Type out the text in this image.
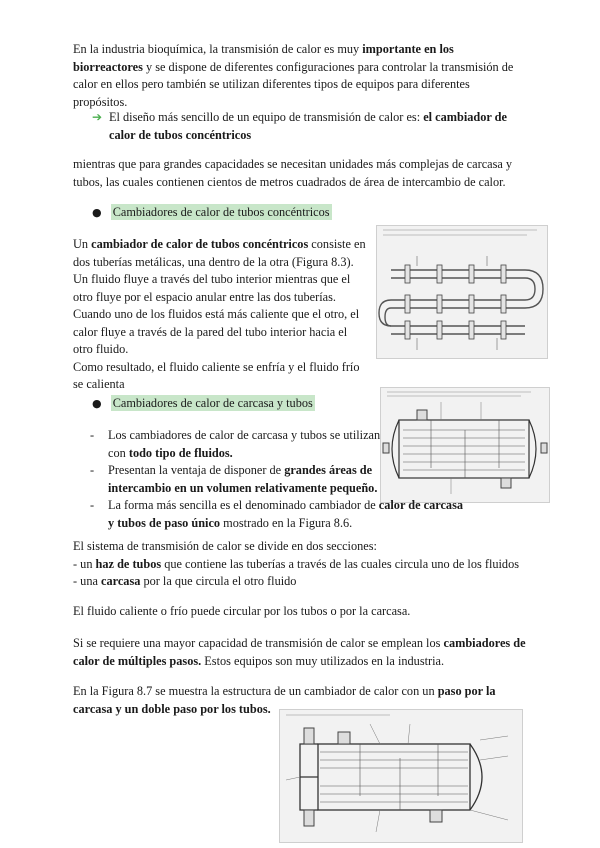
En la industria bioquímica, la transmisión de calor es muy importante en los biorreactores y se dispone de diferentes configuraciones para controlar la transmisión de calor en ellos pero también se utilizan diferentes tipos de equipos para diferentes propósitos.
➔ El diseño más sencillo de un equipo de transmisión de calor es: el cambiador de calor de tubos concéntricos
mientras que para grandes capacidades se necesitan unidades más complejas de carcasa y tubos, las cuales contienen cientos de metros cuadrados de área de intercambio de calor.
● Cambiadores de calor de tubos concéntricos
Un cambiador de calor de tubos concéntricos consiste en dos tuberías metálicas, una dentro de la otra (Figura 8.3).
Un fluido fluye a través del tubo interior mientras que el otro fluye por el espacio anular entre las dos tuberías.
Cuando uno de los fluidos está más caliente que el otro, el calor fluye a través de la pared del tubo interior hacia el otro fluido.
Como resultado, el fluido caliente se enfría y el fluido frío se calienta
● Cambiadores de calor de carcasa y tubos
- Los cambiadores de calor de carcasa y tubos se utilizan con todo tipo de fluidos.
- Presentan la ventaja de disponer de grandes áreas de intercambio en un volumen relativamente pequeño.
- La forma más sencilla es el denominado cambiador de calor de carcasa y tubos de paso único mostrado en la Figura 8.6.
El sistema de transmisión de calor se divide en dos secciones:
- un haz de tubos que contiene las tuberías a través de las cuales circula uno de los fluidos
- una carcasa por la que circula el otro fluido
El fluido caliente o frío puede circular por los tubos o por la carcasa.
Si se requiere una mayor capacidad de transmisión de calor se emplean los cambiadores de calor de múltiples pasos. Estos equipos son muy utilizados en la industria.
En la Figura 8.7 se muestra la estructura de un cambiador de calor con un paso por la carcasa y un doble paso por los tubos.
